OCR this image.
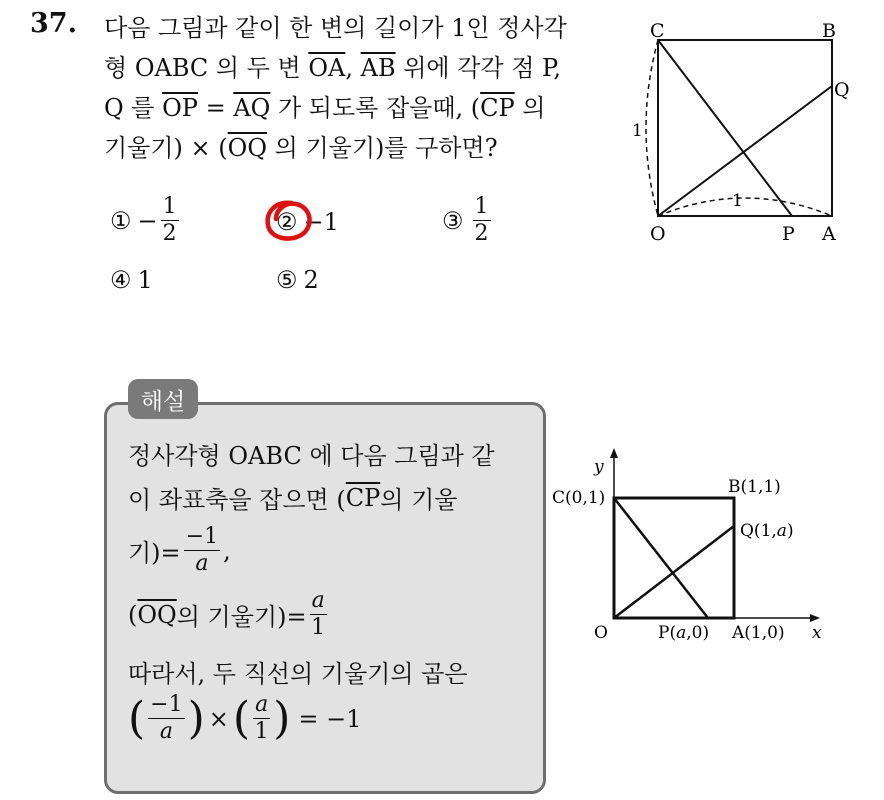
37. 다음 그림과 같이 한 변의 길이가 1인 정사각
형 OABC 의 두 변 $\overline{OA}$, $\overline{AB}$ 위에 각각 점 P,
Q 를 $\overline{OP} = \overline{AQ}$ 가 되도록 잡을때, ($\overline{CP}$ 의
기울기) × ($\overline{OQ}$ 의 기울기)를 구하면?
① − $\frac{1}{2}$	② −1	③ $\frac{1}{2}$
④ 1	⑤ 2
C	B
Q
O	P A
1
1
해설
정사각형 OABC 에 다음 그림과 같
이 좌표축을 잡으면 ( $\overline{CP}$ 의 기울
기)= $\frac{-1}{a}$ ,
( $\overline{OQ}$ 의 기울기)= $\frac{a}{1}$
따라서, 두 직선의 기울기의 곱은
( $\frac{-1}{a}$ ) × ( $\frac{a}{1}$ ) = −1
y
x
C(0,1)
B(1,1)
Q(1,a)
O	P(a,0) A(1,0)
